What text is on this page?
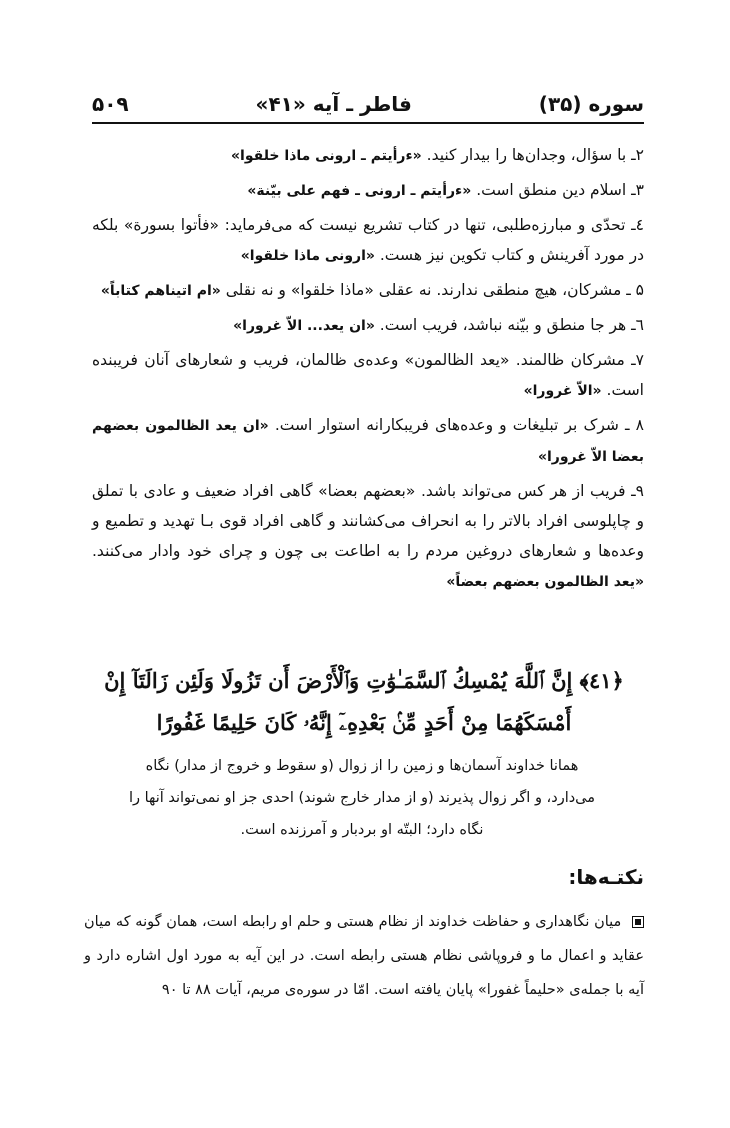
سوره (۳۵)
فاطر ـ آیه «۴۱»
۵۰۹
۲ـ با سؤال، وجدان‌ها را بیدار کنید. «ءرأیتم ـ ارونی ماذا خلقوا»
۳ـ اسلام دین منطق است. «ءرأیتم ـ ارونی ـ فهم علی بیّنة»
٤ـ تحدّی و مبارزه‌طلبی، تنها در کتاب تشریع نیست که می‌فرماید: «فأتوا بسورة» بلکه در مورد آفرینش و کتاب تکوین نیز هست. «ارونی ماذا خلقوا»
۵ ـ مشرکان، هیچ منطقی ندارند. نه عقلی «ماذا خلقوا» و نه نقلی «ام اتیناهم کتاباً»
٦ـ هر جا منطق و بیّنه نباشد، فریب است. «ان یعد... الاّ غرورا»
۷ـ مشرکان ظالمند. «یعد الظالمون» وعده‌ی ظالمان، فریب و شعارهای آنان فریبنده است. «الاّ غرورا»
۸ ـ شرک بر تبلیغات و وعده‌های فریبکارانه استوار است. «ان یعد الظالمون بعضهم بعضا الاّ غرورا»
۹ـ فریب از هر کس می‌تواند باشد. «بعضهم بعضا» گاهی افراد ضعیف و عادی با تملق و چاپلوسی افراد بالاتر را به انحراف می‌کشانند و گاهی افراد قوی بـا تهدید و تطمیع و وعده‌ها و شعارهای دروغین مردم را به اطاعت بی چون و چرای خود وادار می‌کنند. «یعد الظالمون بعضهم بعضاً»
﴿٤١﴾ إِنَّ ٱللَّهَ يُمْسِكُ ٱلسَّمَـٰوَٰتِ وَٱلْأَرْضَ أَن تَزُولَا وَلَئِن زَالَتَآ إِنْ أَمْسَكَهُمَا مِنْ أَحَدٍ مِّنۢ بَعْدِهِۦٓ إِنَّهُۥ كَانَ حَلِيمًا غَفُورًا
همانا خداوند آسمان‌ها و زمین را از زوال (و سقوط و خروج از مدار) نگاه می‌دارد، و اگر زوال پذیرند (و از مدار خارج شوند) احدی جز او نمی‌تواند آنها را نگاه دارد؛ البتّه او بردبار و آمرزنده است.
نکتـه‌ها:
میان نگاهداری و حفاظت خداوند از نظام هستی و حلم او رابطه است، همان گونه که میان عقاید و اعمال ما و فروپاشی نظام هستی رابطه است. در این آیه به مورد اول اشاره دارد و آیه با جمله‌ی «حلیماً غفورا» پایان یافته است. امّا در سوره‌ی مریم، آیات ۸۸ تا ۹۰
